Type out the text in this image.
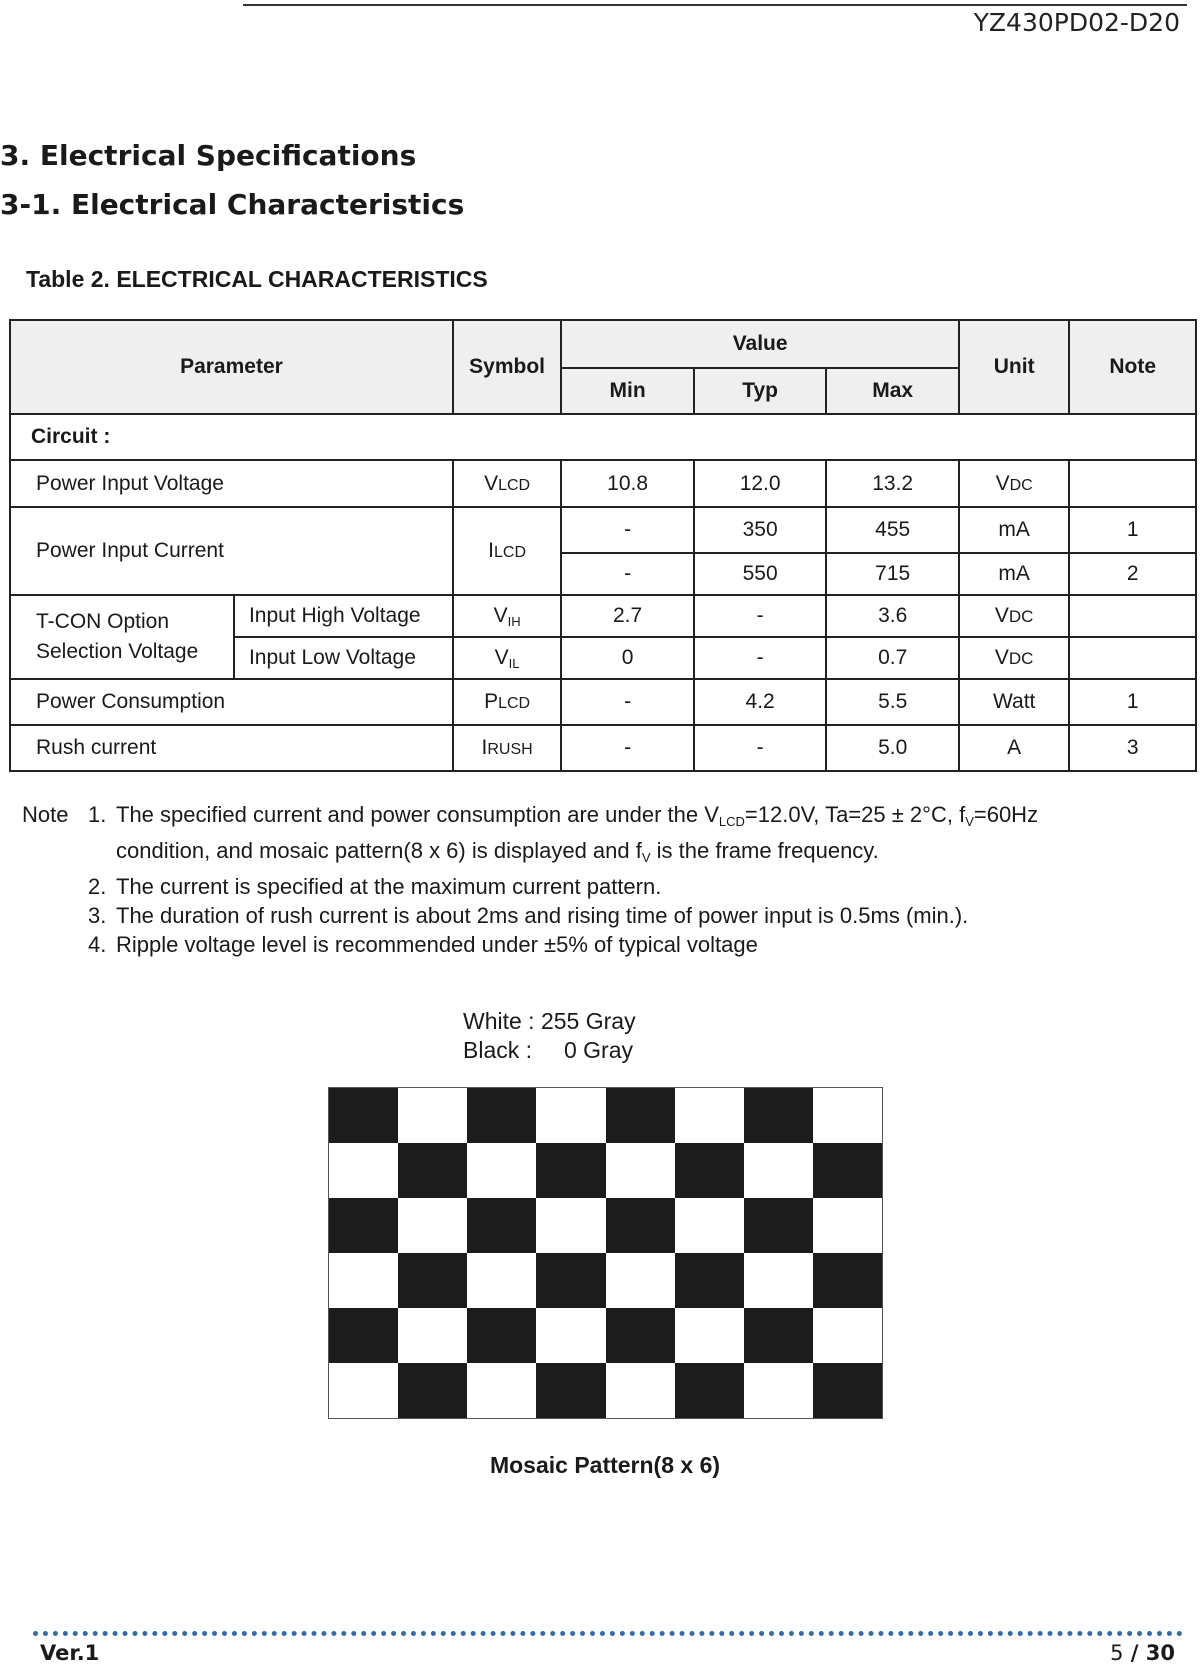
YZ430PD02-D20
3. Electrical Specifications
3-1. Electrical Characteristics
Table 2. ELECTRICAL CHARACTERISTICS
Parameter		Symbol	Value			Unit	Note
			Min	Typ	Max		
Circuit :							
Power Input Voltage		VLCD	10.8	12.0	13.2	VDC	
Power Input Current		ILCD	-	350	455	mA	1
			-	550	715	mA	2

T-CON Option
Selection Voltage	Input High Voltage	$V_{IH}$	2.7	-	3.6	VDC	
	Input Low Voltage	$V_{IL}$	0	-	0.7	VDC	
Power Consumption		PLCD	-	4.2	5.5	Watt	1
Rush current		IRUSH	-	-	5.0	A	3
Note 1. The specified current and power consumption are under the $V_{LCD}=12.0V$, Ta=25 ± 2°C, $f_V=60Hz$
condition, and mosaic pattern(8 x 6) is displayed and $f_V$ is the frame frequency.
2. The current is specified at the maximum current pattern.
3. The duration of rush current is about 2ms and rising time of power input is 0.5ms (min.).
4. Ripple voltage level is recommended under ±5% of typical voltage
White : 255 Gray
Black :     0 Gray
Mosaic Pattern(8 x 6)
Ver.1	5 / 30
